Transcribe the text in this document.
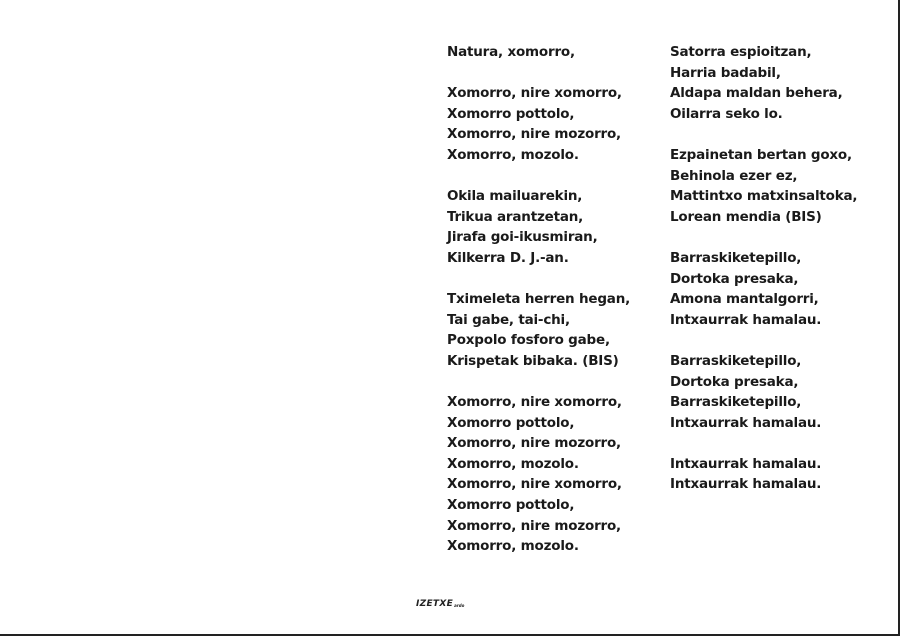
Natura, xomorro,
Xomorro, nire xomorro,
Xomorro pottolo,
Xomorro, nire mozorro,
Xomorro, mozolo.
Okila mailuarekin,
Trikua arantzetan,
Jirafa goi-ikusmiran,
Kilkerra D. J.-an.
Tximeleta herren hegan,
Tai gabe, tai-chi,
Poxpolo fosforo gabe,
Krispetak bibaka. (BIS)
Xomorro, nire xomorro,
Xomorro pottolo,
Xomorro, nire mozorro,
Xomorro, mozolo.
Xomorro, nire xomorro,
Xomorro pottolo,
Xomorro, nire mozorro,
Xomorro, mozolo.
Satorra espioitzan,
Harria badabil,
Aldapa maldan behera,
Oilarra seko lo.
Ezpainetan bertan goxo,
Behinola ezer ez,
Mattintxo matxinsaltoka,
Lorean mendia (BIS)
Barraskiketepillo,
Dortoka presaka,
Amona mantalgorri,
Intxaurrak hamalau.
Barraskiketepillo,
Dortoka presaka,
Barraskiketepillo,
Intxaurrak hamalau.
Intxaurrak hamalau.
Intxaurrak hamalau.
IZETXE ardo
